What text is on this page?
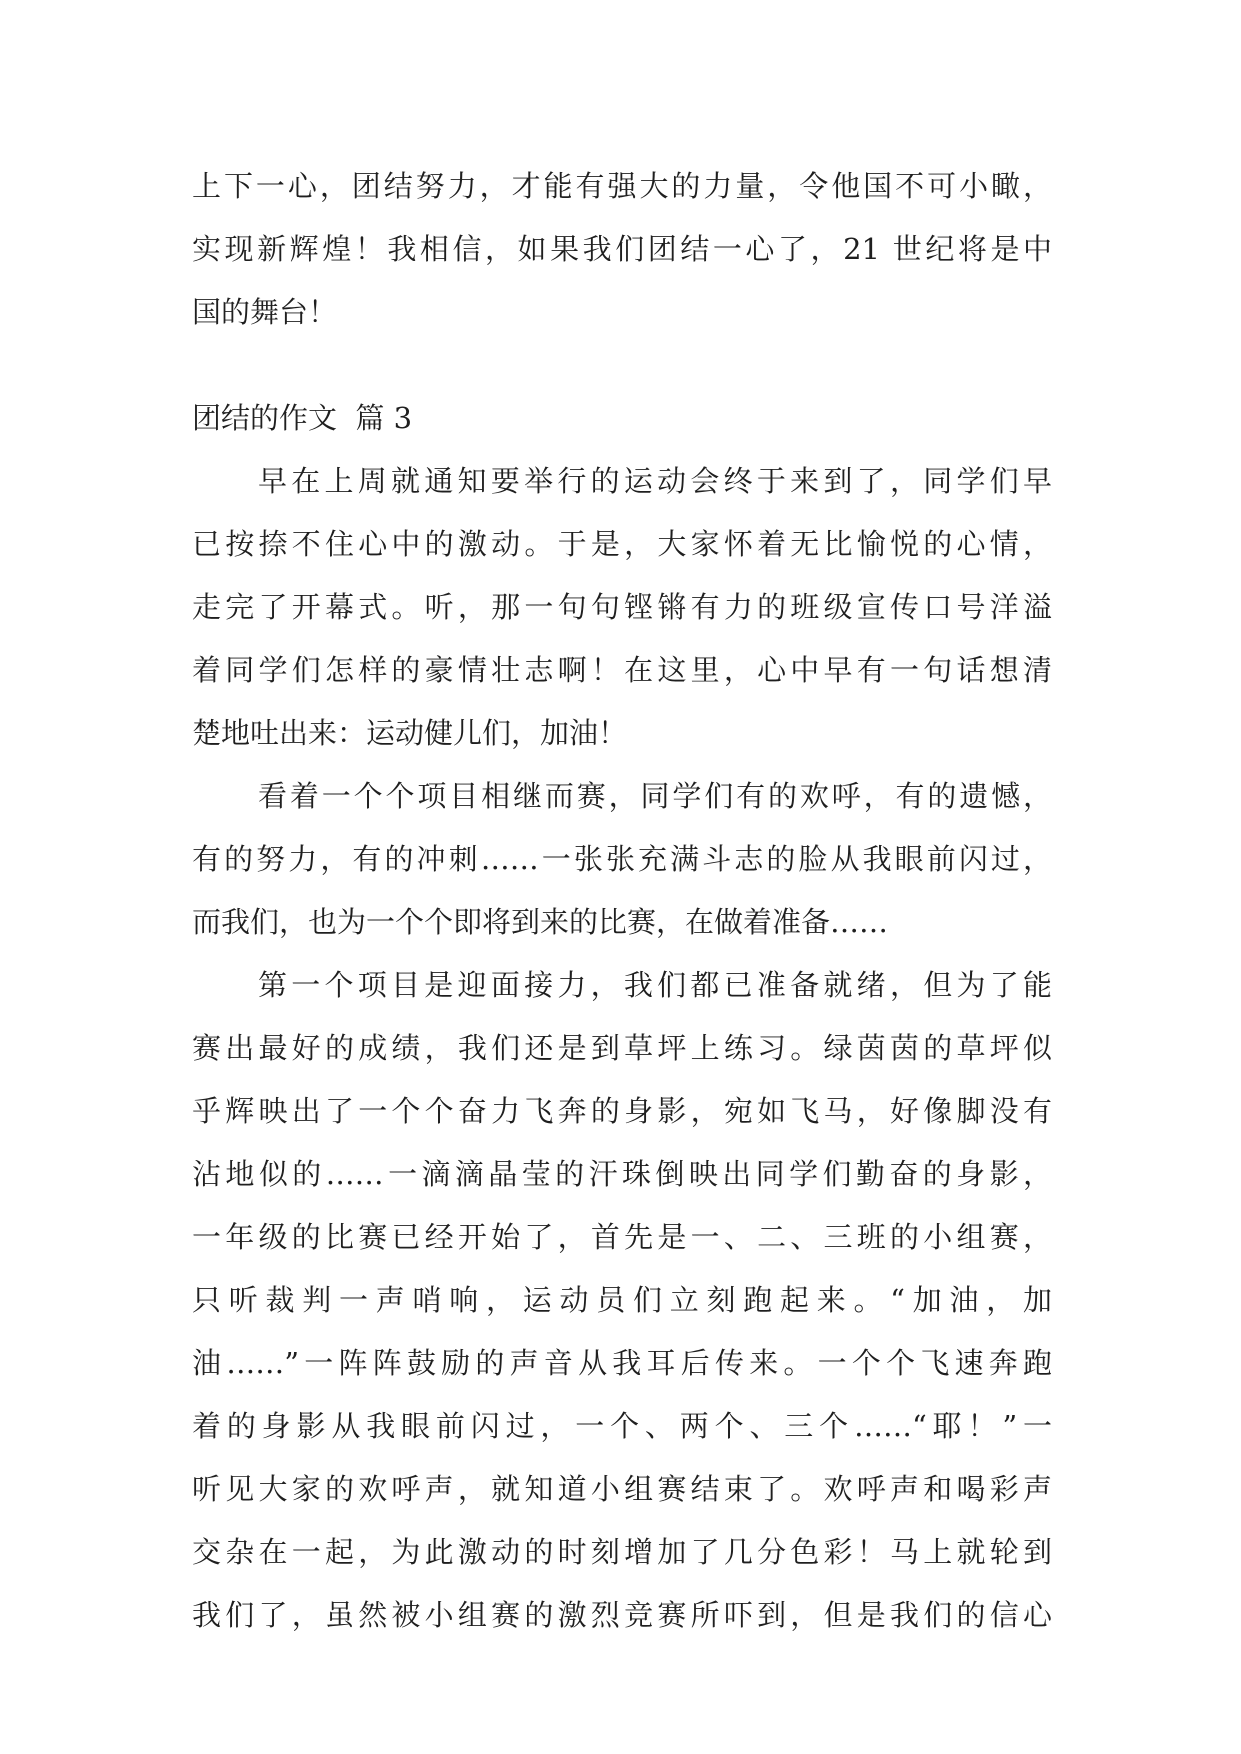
上下一心，团结努力，才能有强大的力量，令他国不可小瞰，
实现新辉煌！我相信，如果我们团结一心了，21 世纪将是中
国的舞台！
团结的作文  篇 3
早在上周就通知要举行的运动会终于来到了，同学们早
已按捺不住心中的激动。于是，大家怀着无比愉悦的心情，
走完了开幕式。听，那一句句铿锵有力的班级宣传口号洋溢
着同学们怎样的豪情壮志啊！在这里，心中早有一句话想清
楚地吐出来：运动健儿们，加油！
看着一个个项目相继而赛，同学们有的欢呼，有的遗憾，
有的努力，有的冲刺……一张张充满斗志的脸从我眼前闪过，
而我们，也为一个个即将到来的比赛，在做着准备……
第一个项目是迎面接力，我们都已准备就绪，但为了能
赛出最好的成绩，我们还是到草坪上练习。绿茵茵的草坪似
乎辉映出了一个个奋力飞奔的身影，宛如飞马，好像脚没有
沾地似的……一滴滴晶莹的汗珠倒映出同学们勤奋的身影，
一年级的比赛已经开始了，首先是一、二、三班的小组赛，
只听裁判一声哨响，运动员们立刻跑起来。“加油，加
油……”一阵阵鼓励的声音从我耳后传来。一个个飞速奔跑
着的身影从我眼前闪过，一个、两个、三个……“耶！”一
听见大家的欢呼声，就知道小组赛结束了。欢呼声和喝彩声
交杂在一起，为此激动的时刻增加了几分色彩！马上就轮到
我们了，虽然被小组赛的激烈竞赛所吓到，但是我们的信心
